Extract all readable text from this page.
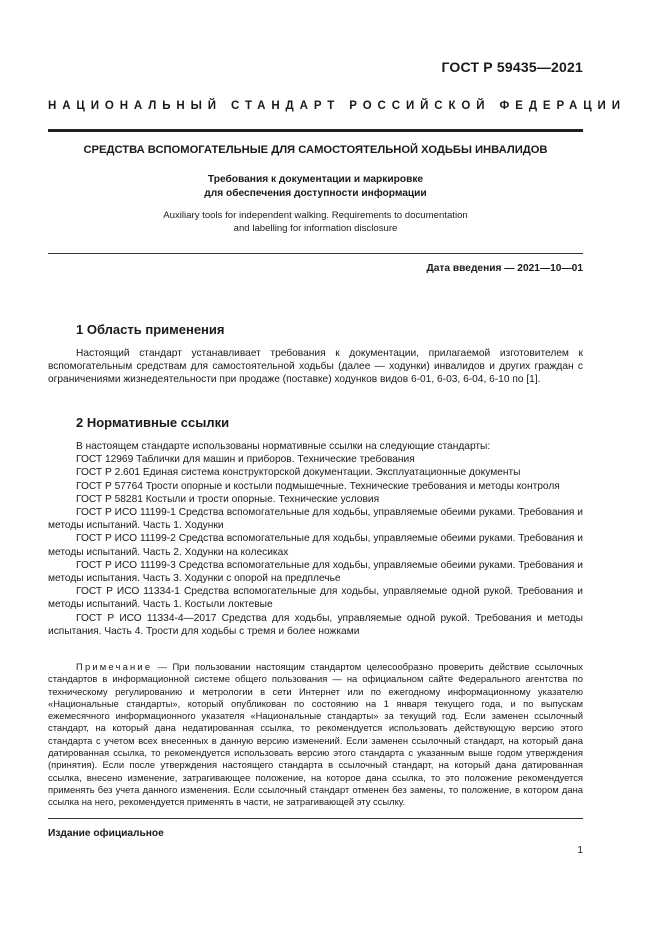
ГОСТ Р 59435—2021
НАЦИОНАЛЬНЫЙ СТАНДАРТ РОССИЙСКОЙ ФЕДЕРАЦИИ
СРЕДСТВА ВСПОМОГАТЕЛЬНЫЕ ДЛЯ САМОСТОЯТЕЛЬНОЙ ХОДЬБЫ ИНВАЛИДОВ
Требования к документации и маркировке
для обеспечения доступности информации
Auxiliary tools for independent walking. Requirements to documentation
and labelling for information disclosure
Дата введения — 2021—10—01
1 Область применения
Настоящий стандарт устанавливает требования к документации, прилагаемой изготовителем к вспомогательным средствам для самостоятельной ходьбы (далее — ходунки) инвалидов и других граждан с ограничениями жизнедеятельности при продаже (поставке) ходунков видов 6-01, 6-03, 6-04, 6-10 по [1].
2 Нормативные ссылки

В настоящем стандарте использованы нормативные ссылки на следующие стандарты:

ГОСТ 12969 Таблички для машин и приборов. Технические требования

ГОСТ Р 2.601 Единая система конструкторской документации. Эксплуатационные документы

ГОСТ Р 57764 Трости опорные и костыли подмышечные. Технические требования и методы контроля

ГОСТ Р 58281 Костыли и трости опорные. Технические условия

ГОСТ Р ИСО 11199-1 Средства вспомогательные для ходьбы, управляемые обеими руками. Требования и методы испытаний. Часть 1. Ходунки

ГОСТ Р ИСО 11199-2 Средства вспомогательные для ходьбы, управляемые обеими руками. Требования и методы испытаний. Часть 2. Ходунки на колесиках

ГОСТ Р ИСО 11199-3 Средства вспомогательные для ходьбы, управляемые обеими руками. Требования и методы испытания. Часть 3. Ходунки с опорой на предплечье

ГОСТ Р ИСО 11334-1 Средства вспомогательные для ходьбы, управляемые одной рукой. Требования и методы испытаний. Часть 1. Костыли локтевые

ГОСТ Р ИСО 11334-4—2017 Средства для ходьбы, управляемые одной рукой. Требования и методы испытания. Часть 4. Трости для ходьбы с тремя и более ножками

Примечание — При пользовании настоящим стандартом целесообразно проверить действие ссылочных стандартов в информационной системе общего пользования — на официальном сайте Федерального агентства по техническому регулированию и метрологии в сети Интернет или по ежегодному информационному указателю «Национальные стандарты», который опубликован по состоянию на 1 января текущего года, и по выпускам ежемесячного информационного указателя «Национальные стандарты» за текущий год. Если заменен ссылочный стандарт, на который дана недатированная ссылка, то рекомендуется использовать действующую версию этого стандарта с учетом всех внесенных в данную версию изменений. Если заменен ссылочный стандарт, на который дана датированная ссылка, то рекомендуется использовать версию этого стандарта с указанным выше годом утверждения (принятия). Если после утверждения настоящего стандарта в ссылочный стандарт, на который дана датированная ссылка, внесено изменение, затрагивающее положение, на которое дана ссылка, то это положение рекомендуется применять без учета данного изменения. Если ссылочный стандарт отменен без замены, то положение, в котором дана ссылка на него, рекомендуется применять в части, не затрагивающей эту ссылку.
Издание официальное
1
